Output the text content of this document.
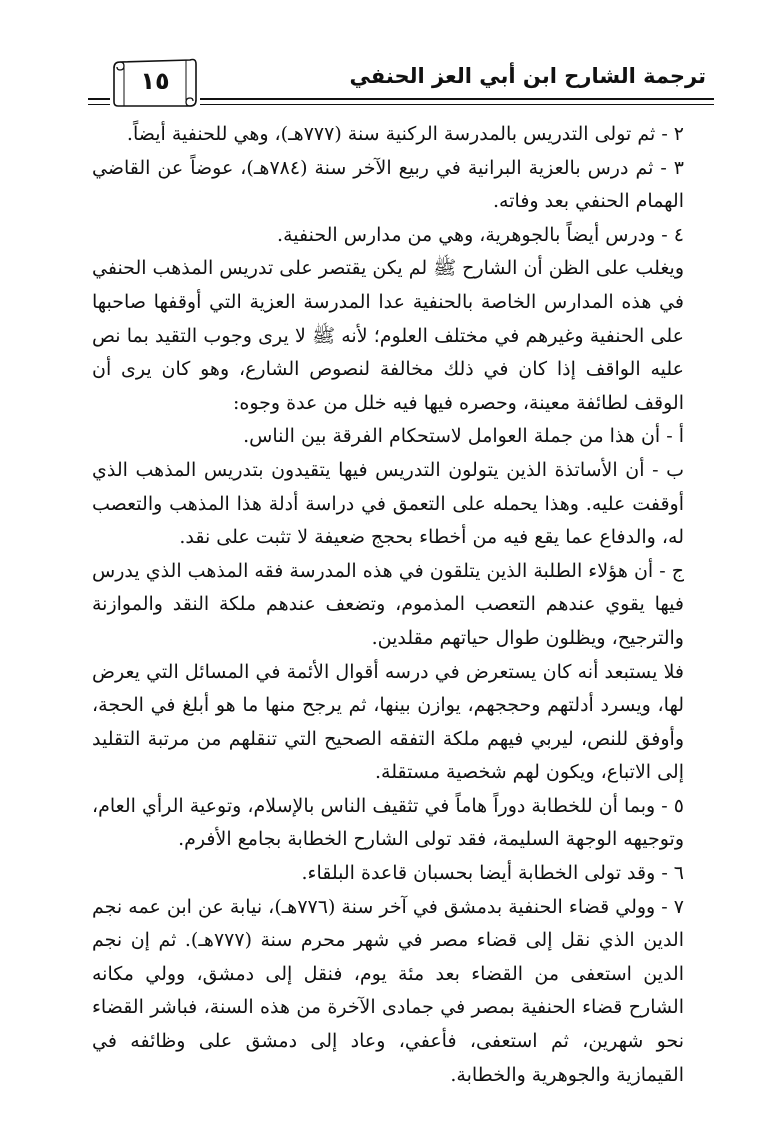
١٥	ترجمة الشارح ابن أبي العز الحنفي

٢ - ثم تولى التدريس بالمدرسة الركنية سنة (٧٧٧هـ)، وهي للحنفية أيضاً.

٣ - ثم درس بالعزية البرانية في ربيع الآخر سنة (٧٨٤هـ)، عوضاً عن القاضي الهمام الحنفي بعد وفاته.

٤ - ودرس أيضاً بالجوهرية، وهي من مدارس الحنفية.

ويغلب على الظن أن الشارح ﷺ لم يكن يقتصر على تدريس المذهب الحنفي في هذه المدارس الخاصة بالحنفية عدا المدرسة العزية التي أوقفها صاحبها على الحنفية وغيرهم في مختلف العلوم؛ لأنه ﷺ لا يرى وجوب التقيد بما نص عليه الواقف إذا كان في ذلك مخالفة لنصوص الشارع، وهو كان يرى أن الوقف لطائفة معينة، وحصره فيها فيه خلل من عدة وجوه:

أ - أن هذا من جملة العوامل لاستحكام الفرقة بين الناس.

ب - أن الأساتذة الذين يتولون التدريس فيها يتقيدون بتدريس المذهب الذي أوقفت عليه. وهذا يحمله على التعمق في دراسة أدلة هذا المذهب والتعصب له، والدفاع عما يقع فيه من أخطاء بحجج ضعيفة لا تثبت على نقد.

ج - أن هؤلاء الطلبة الذين يتلقون في هذه المدرسة فقه المذهب الذي يدرس فيها يقوي عندهم التعصب المذموم، وتضعف عندهم ملكة النقد والموازنة والترجيح، ويظلون طوال حياتهم مقلدين.

فلا يستبعد أنه كان يستعرض في درسه أقوال الأئمة في المسائل التي يعرض لها، ويسرد أدلتهم وحججهم، يوازن بينها، ثم يرجح منها ما هو أبلغ في الحجة، وأوفق للنص، ليربي فيهم ملكة التفقه الصحيح التي تنقلهم من مرتبة التقليد إلى الاتباع، ويكون لهم شخصية مستقلة.

٥ - وبما أن للخطابة دوراً هاماً في تثقيف الناس بالإسلام، وتوعية الرأي العام، وتوجيهه الوجهة السليمة، فقد تولى الشارح الخطابة بجامع الأفرم.

٦ - وقد تولى الخطابة أيضا بحسبان قاعدة البلقاء.

٧ - وولي قضاء الحنفية بدمشق في آخر سنة (٧٧٦هـ)، نيابة عن ابن عمه نجم الدين الذي نقل إلى قضاء مصر في شهر محرم سنة (٧٧٧هـ). ثم إن نجم الدين استعفى من القضاء بعد مئة يوم، فنقل إلى دمشق، وولي مكانه الشارح قضاء الحنفية بمصر في جمادى الآخرة من هذه السنة، فباشر القضاء نحو شهرين، ثم استعفى، فأعفي، وعاد إلى دمشق على وظائفه في القيمازية والجوهرية والخطابة.
